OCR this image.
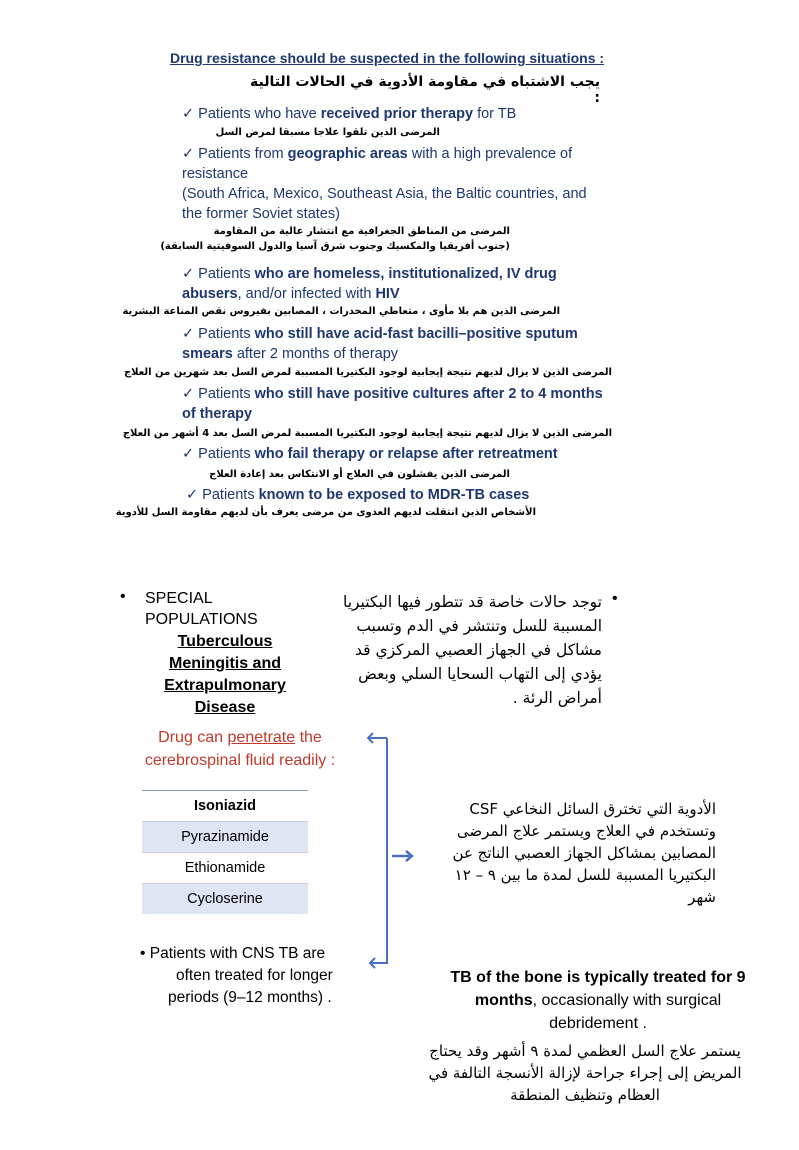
Drug resistance should be suspected in the following situations :
يجب الاشتباه في مقاومة الأدوية في الحالات التالية :
✓ Patients who have received prior therapy for TB
المرضى الذين تلقوا علاجا مسبقا لمرض السل
✓ Patients from geographic areas with a high prevalence of
resistance
(South Africa, Mexico, Southeast Asia, the Baltic countries, and
the former Soviet states)
المرضى من المناطق الجغرافية مع انتشار عالية من المقاومة
(جنوب أفريقيا والمكسيك وجنوب شرق آسيا والدول السوفيتية السابقة)
✓ Patients who are homeless, institutionalized, IV drug
abusers, and/or infected with HIV
المرضى الذين هم بلا مأوى ، متعاطي المخدرات ، المصابين بفيروس نقص المناعة البشرية
✓ Patients who still have acid-fast bacilli–positive sputum
smears after 2 months of therapy
المرضى الذين لا يزال لديهم نتيجة إيجابية لوجود البكتيريا المسببة لمرض السل بعد شهرين من العلاج
✓ Patients who still have positive cultures after 2 to 4 months
of therapy
المرضى الذين لا يزال لديهم نتيجة إيجابية لوجود البكتيريا المسببة لمرض السل بعد 4 أشهر من العلاج
✓ Patients who fail therapy or relapse after retreatment
المرضى الذين يفشلون في العلاج أو الانتكاس بعد إعادة العلاج
✓ Patients known to be exposed to MDR-TB cases
الأشخاص الذين انتقلت لديهم العدوى من مرضى يعرف بأن لديهم مقاومة السل للأدوية
• SPECIAL
POPULATIONS
Tuberculous
Meningitis and
Extrapulmonary
Disease
•
توجد حالات خاصة قد تتطور فيها البكتيريا المسببة للسل وتنتشر في الدم وتسبب مشاكل في الجهاز العصبي المركزي قد يؤدي إلى التهاب السحايا السلي وبعض أمراض الرئة .
Drug can penetrate the
cerebrospinal fluid readily :
Isoniazid
Pyrazinamide
Ethionamide
Cycloserine
الأدوية التي تخترق السائل النخاعي CSF وتستخدم في العلاج ويستمر علاج المرضى المصابين بمشاكل الجهاز العصبي الناتج عن البكتيريا المسببة للسل لمدة ما بين ٩ – ١٢ شهر
• Patients with CNS TB are
often treated for longer
periods (9–12 months) .
TB of the bone is typically treated for 9
months, occasionally with surgical
debridement .
يستمر علاج السل العظمي لمدة ٩ أشهر وقد يحتاج المريض إلى إجراء جراحة لإزالة الأنسجة التالفة في العظام وتنظيف المنطقة
